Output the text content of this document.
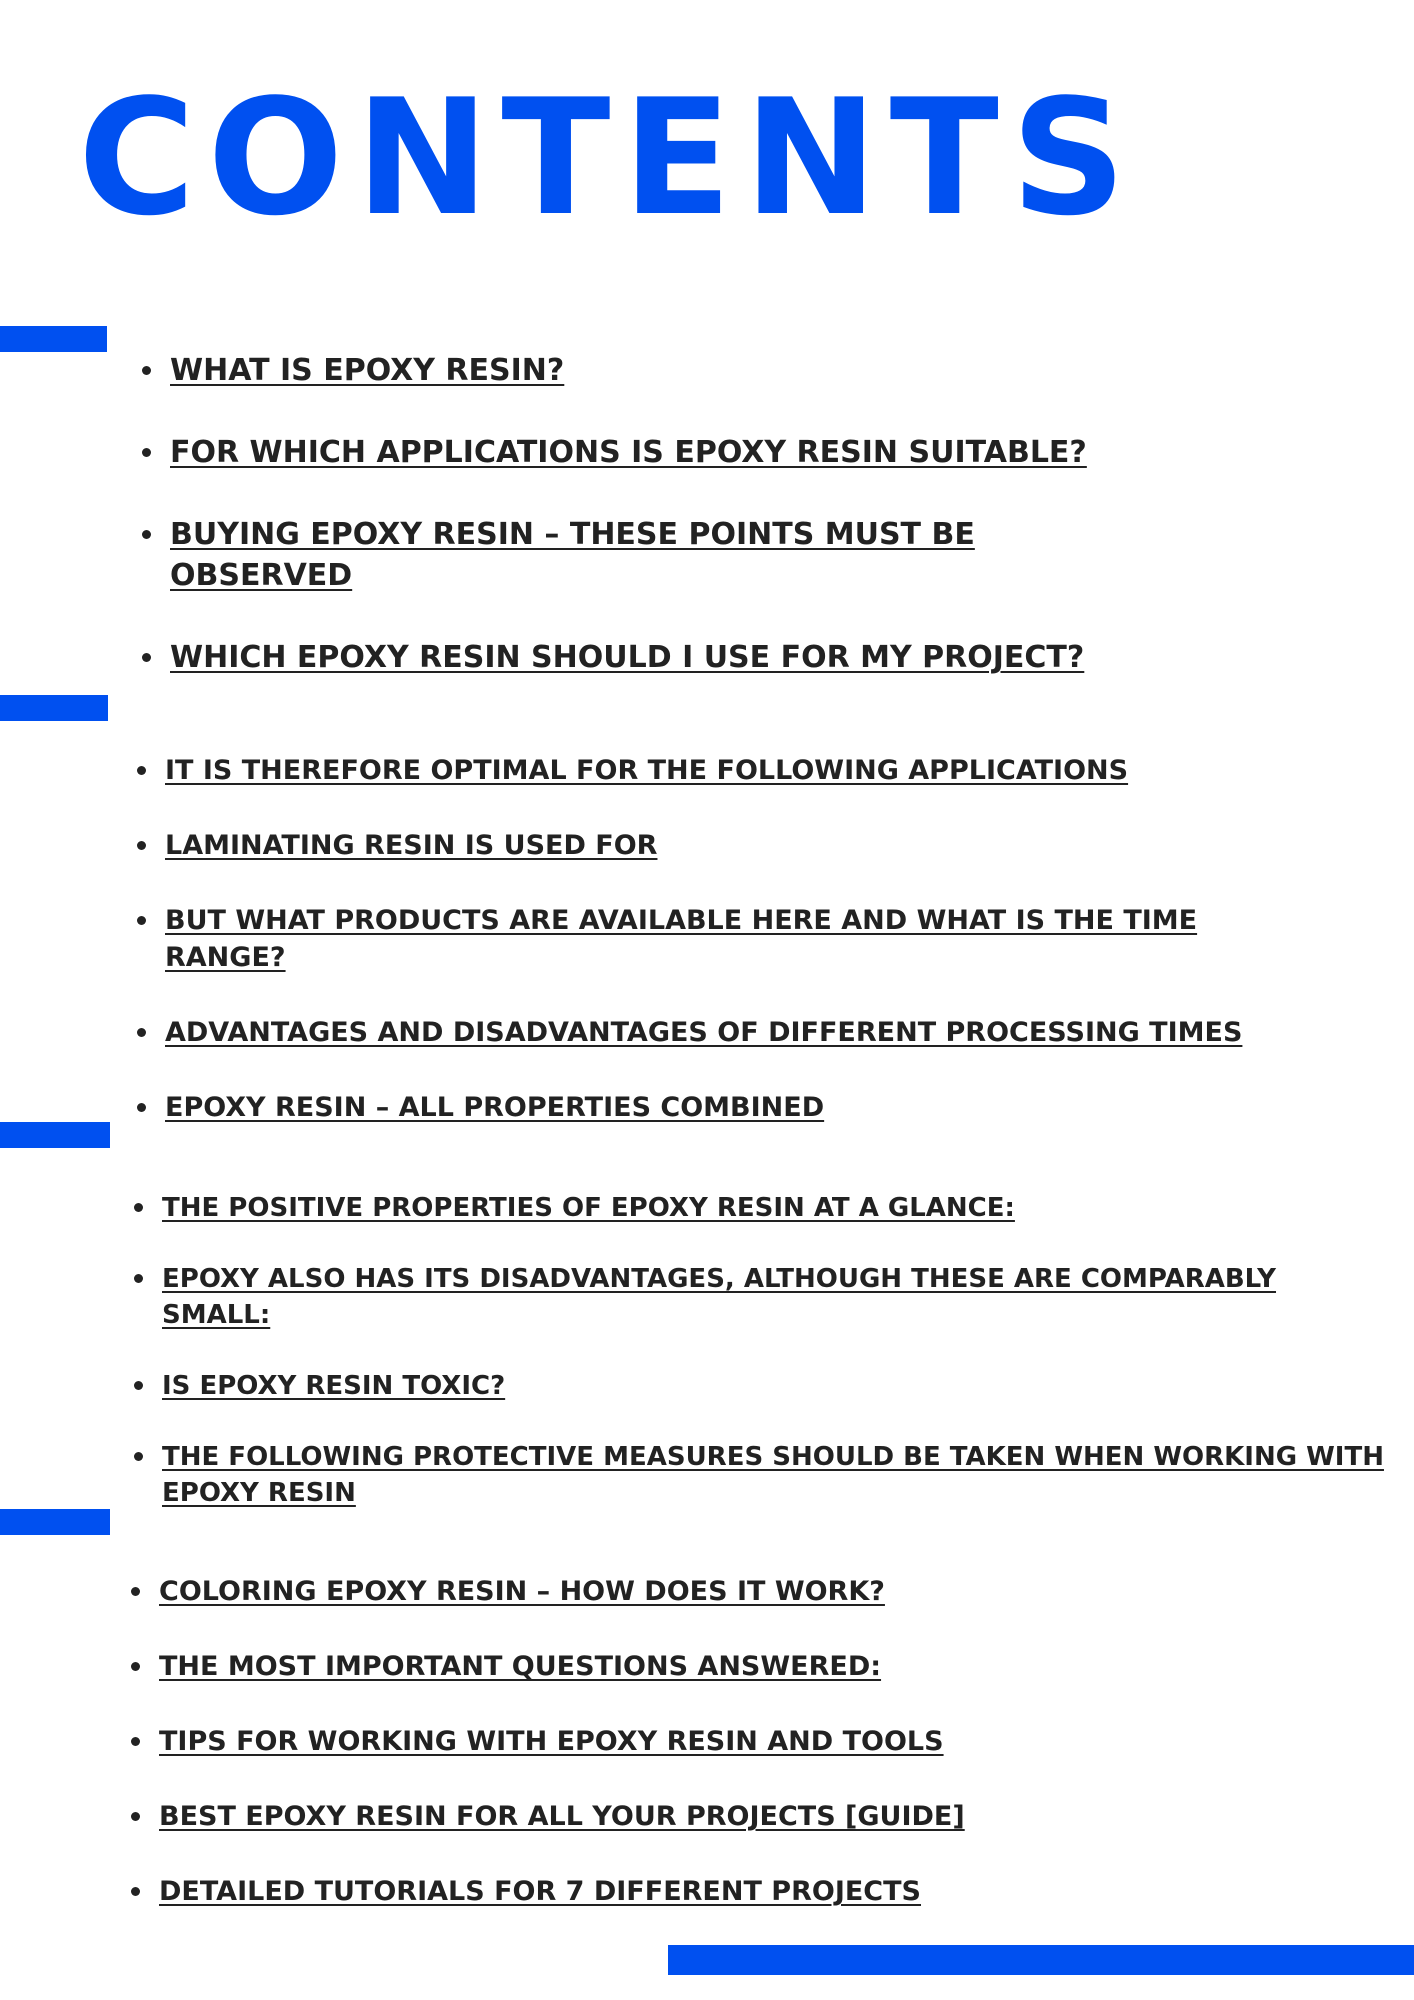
CONTENTS
WHAT IS EPOXY RESIN?
FOR WHICH APPLICATIONS IS EPOXY RESIN SUITABLE?
BUYING EPOXY RESIN – THESE POINTS MUST BE OBSERVED
WHICH EPOXY RESIN SHOULD I USE FOR MY PROJECT?
IT IS THEREFORE OPTIMAL FOR THE FOLLOWING APPLICATIONS
LAMINATING RESIN IS USED FOR
BUT WHAT PRODUCTS ARE AVAILABLE HERE AND WHAT IS THE TIME RANGE?
ADVANTAGES AND DISADVANTAGES OF DIFFERENT PROCESSING TIMES
EPOXY RESIN – ALL PROPERTIES COMBINED
THE POSITIVE PROPERTIES OF EPOXY RESIN AT A GLANCE:
EPOXY ALSO HAS ITS DISADVANTAGES, ALTHOUGH THESE ARE COMPARABLY SMALL:
IS EPOXY RESIN TOXIC?
THE FOLLOWING PROTECTIVE MEASURES SHOULD BE TAKEN WHEN WORKING WITH EPOXY RESIN
COLORING EPOXY RESIN – HOW DOES IT WORK?
THE MOST IMPORTANT QUESTIONS ANSWERED:
TIPS FOR WORKING WITH EPOXY RESIN AND TOOLS
BEST EPOXY RESIN FOR ALL YOUR PROJECTS [GUIDE]
DETAILED TUTORIALS FOR 7 DIFFERENT PROJECTS
